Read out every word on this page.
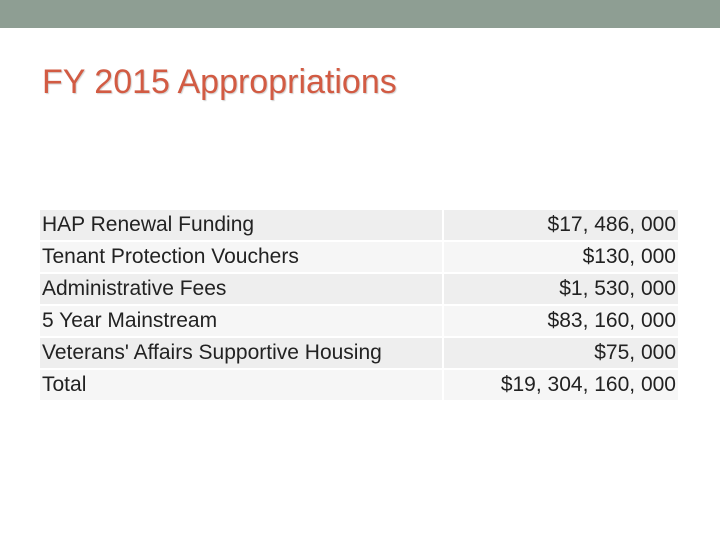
FY 2015 Appropriations
HAP Renewal Funding	$17, 486, 000
Tenant Protection Vouchers	$130, 000
Administrative Fees	$1, 530, 000
5 Year Mainstream	$83, 160, 000
Veterans' Affairs Supportive Housing	$75, 000
Total	$19, 304, 160, 000
